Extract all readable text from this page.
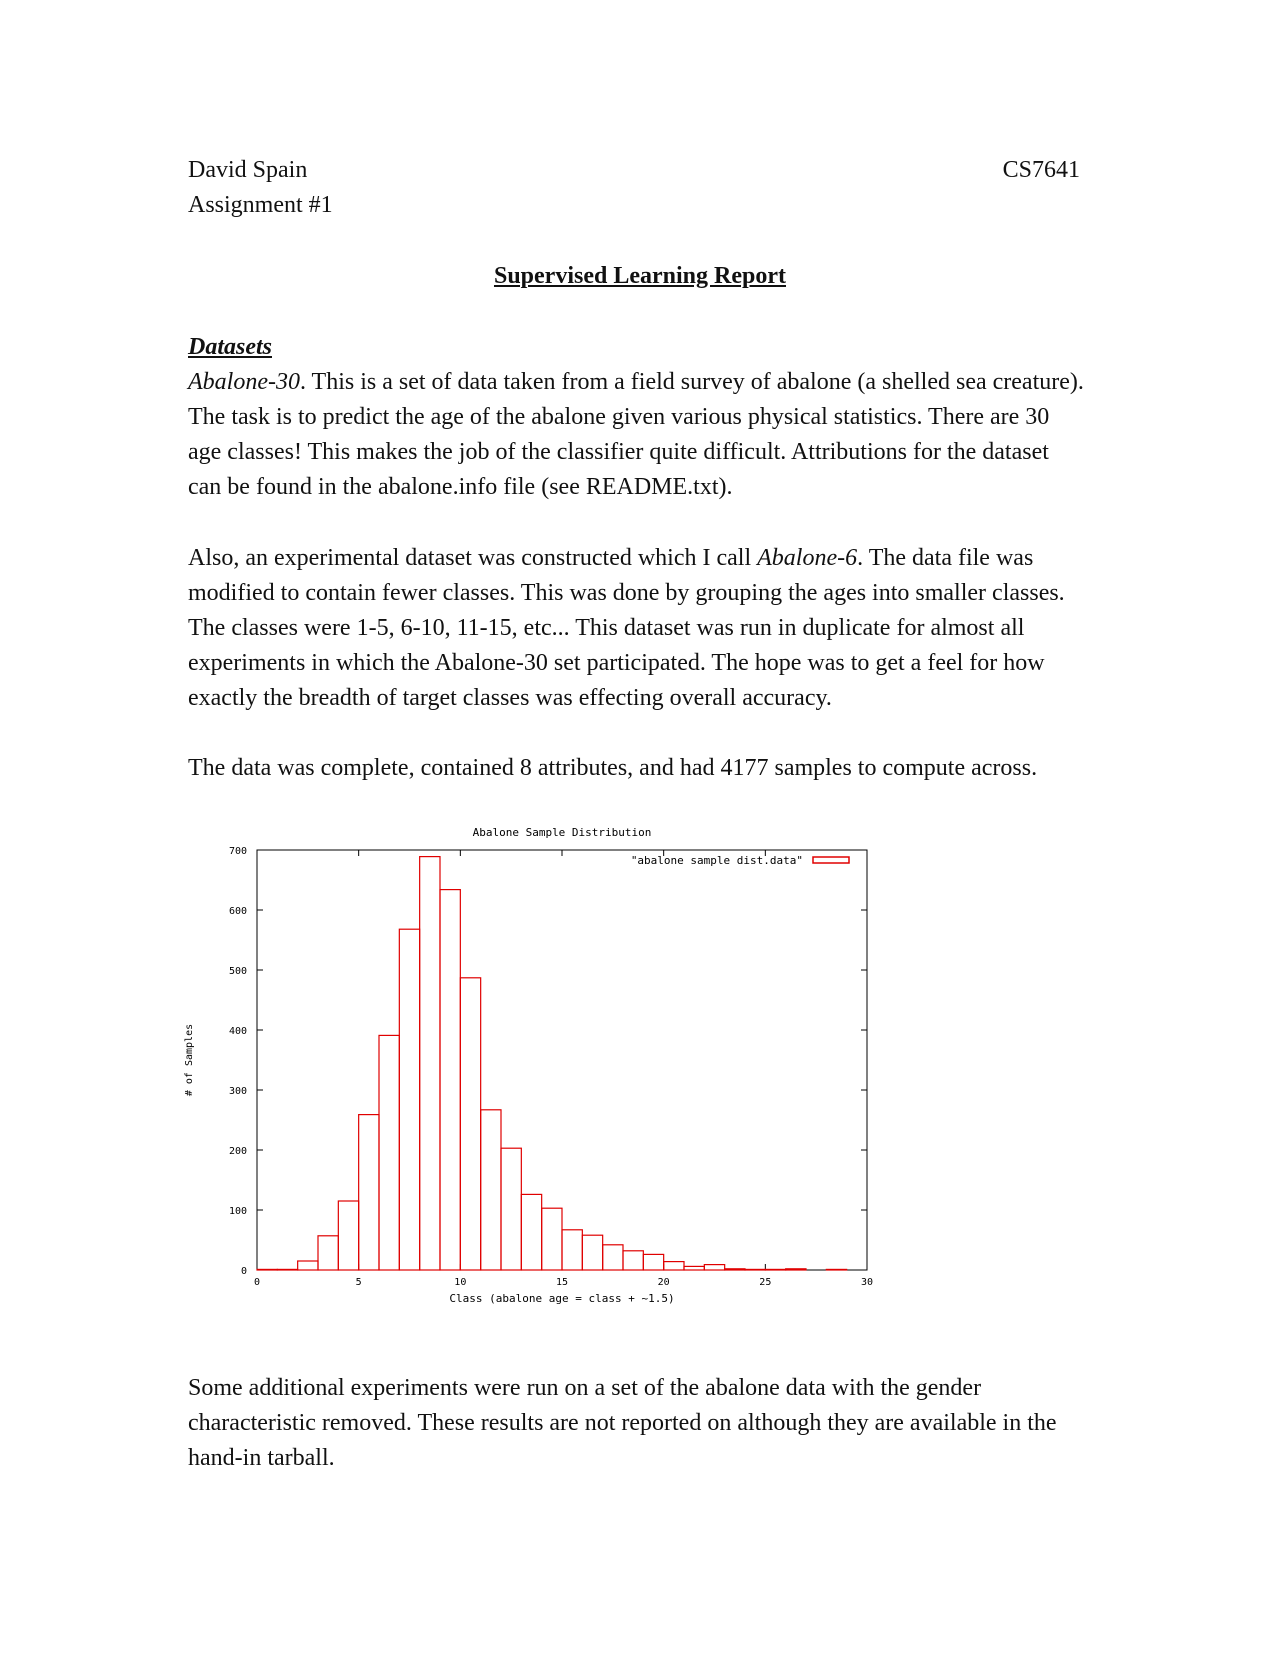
David Spain	CS7641
Assignment #1
Supervised Learning Report
Datasets

Abalone-30. This is a set of data taken from a field survey of abalone (a shelled sea creature). The task is to predict the age of the abalone given various physical statistics. There are 30 age classes! This makes the job of the classifier quite difficult. Attributions for the dataset can be found in the abalone.info file (see README.txt).

Also, an experimental dataset was constructed which I call Abalone-6. The data file was modified to contain fewer classes. This was done by grouping the ages into smaller classes. The classes were 1-5, 6-10, 11-15, etc... This dataset was run in duplicate for almost all experiments in which the Abalone-30 set participated. The hope was to get a feel for how exactly the breadth of target classes was effecting overall accuracy.

The data was complete, contained 8 attributes, and had 4177 samples to compute across.

Abalone Sample Distribution
# of Samples
Class (abalone age = class + ~1.5)
0
100
200
300
400
500
600
700
0	5	10	15	20	25	30
"abalone sample dist.data"

Some additional experiments were run on a set of the abalone data with the gender characteristic removed. These results are not reported on although they are available in the hand-in tarball.
